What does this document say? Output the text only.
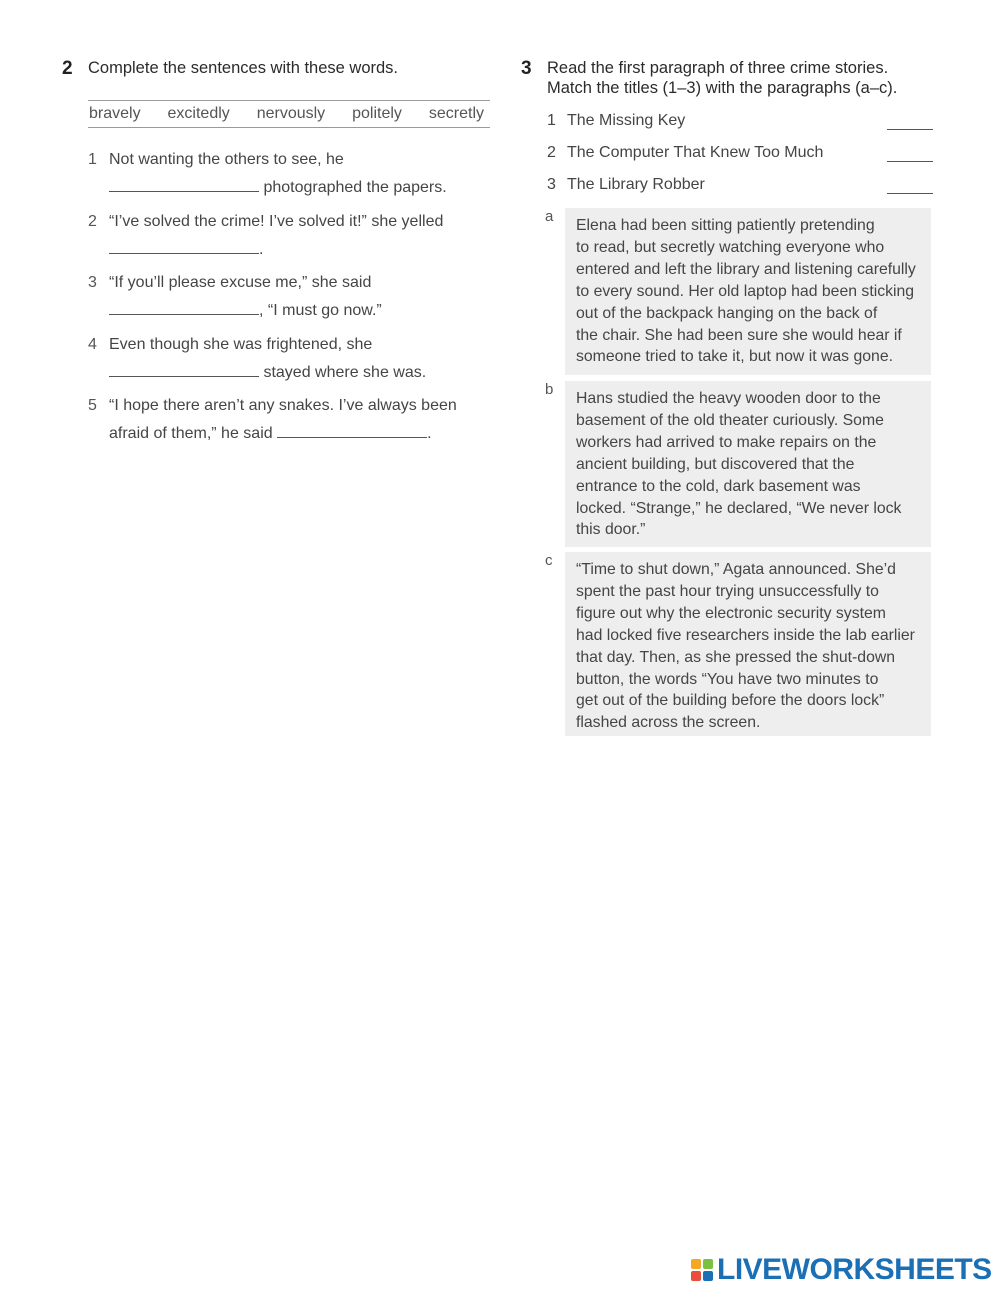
2 Complete the sentences with these words.
bravely excitedly nervously politely secretly
1 Not wanting the others to see, he
photographed the papers.
2 “I’ve solved the crime! I’ve solved it!” she yelled
.
3 “If you’ll please excuse me,” she said
, “I must go now.”
4 Even though she was frightened, she
stayed where she was.
5 “I hope there aren’t any snakes. I’ve always been
afraid of them,” he said	.
3 Read the first paragraph of three crime stories.
Match the titles (1–3) with the paragraphs (a–c).
1 The Missing Key
2 The Computer That Knew Too Much
3 The Library Robber
a
Elena had been sitting patiently pretending
to read, but secretly watching everyone who
entered and left the library and listening carefully
to every sound. Her old laptop had been sticking
out of the backpack hanging on the back of
the chair. She had been sure she would hear if
someone tried to take it, but now it was gone.
b
Hans studied the heavy wooden door to the
basement of the old theater curiously. Some
workers had arrived to make repairs on the
ancient building, but discovered that the
entrance to the cold, dark basement was
locked. “Strange,” he declared, “We never lock
this door.”
c
“Time to shut down,” Agata announced. She’d
spent the past hour trying unsuccessfully to
figure out why the electronic security system
had locked five researchers inside the lab earlier
that day. Then, as she pressed the shut-down
button, the words “You have two minutes to
get out of the building before the doors lock”
flashed across the screen.
LIVEWORKSHEETS
